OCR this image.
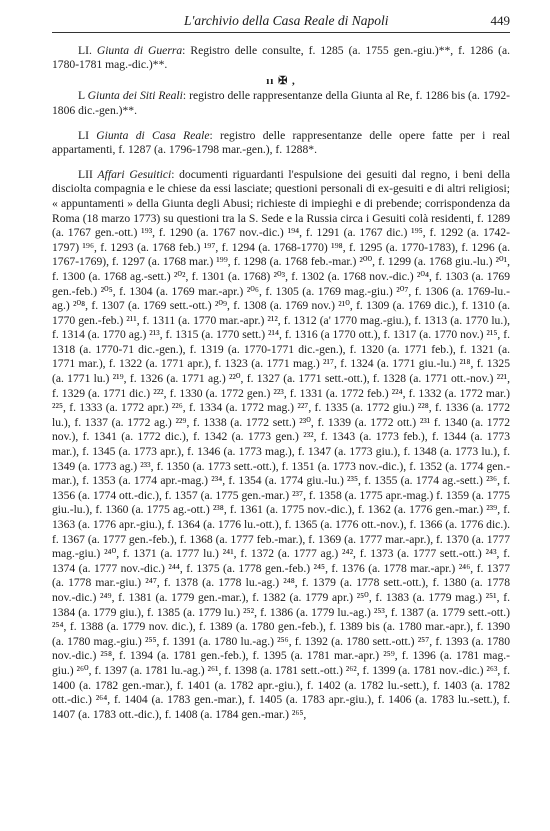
L'archivio della Casa Reale di Napoli	449

LI. Giunta di Guerra: Registro delle consulte, f. 1285 (a. 1755 gen.-giu.)**, f. 1286 (a. 1780-1781 mag.-dic.)**.

ıı ✠ ,

L Giunta dei Siti Reali: registro delle rappresentanze della Giunta al Re, f. 1286 bis (a. 1792-1806 dic.-gen.)**.

LI Giunta di Casa Reale: registro delle rappresentanze delle opere fatte per i real appartamenti, f. 1287 (a. 1796-1798 mar.-gen.), f. 1288*.

LII Affari Gesuitici: documenti riguardanti l'espulsione dei gesuiti dal regno, i beni della disciolta compagnia e le chiese da essi lasciate; questioni personali di ex-gesuiti e di altri religiosi; « appuntamenti » della Giunta degli Abusi; richieste di impieghi e di prebende; corrispondenza da Roma (18 marzo 1773) su questioni tra la S. Sede e la Russia circa i Gesuiti colà residenti, f. 1289 (a. 1767 gen.-ott.) ¹⁹³, f. 1290 (a. 1767 nov.-dic.) ¹⁹⁴, f. 1291 (a. 1767 dic.) ¹⁹⁵, f. 1292 (a. 1742-1797) ¹⁹⁶, f. 1293 (a. 1768 feb.) ¹⁹⁷, f. 1294 (a. 1768-1770) ¹⁹⁸, f. 1295 (a. 1770-1783), f. 1296 (a. 1767-1769), f. 1297 (a. 1768 mar.) ¹⁹⁹, f. 1298 (a. 1768 feb.-mar.) ²⁰⁰, f. 1299 (a. 1768 giu.-lu.) ²⁰¹, f. 1300 (a. 1768 ag.-sett.) ²⁰², f. 1301 (a. 1768) ²⁰³, f. 1302 (a. 1768 nov.-dic.) ²⁰⁴, f. 1303 (a. 1769 gen.-feb.) ²⁰⁵, f. 1304 (a. 1769 mar.-apr.) ²⁰⁶, f. 1305 (a. 1769 mag.-giu.) ²⁰⁷, f. 1306 (a. 1769-lu.-ag.) ²⁰⁸, f. 1307 (a. 1769 sett.-ott.) ²⁰⁹, f. 1308 (a. 1769 nov.) ²¹⁰, f. 1309 (a. 1769 dic.), f. 1310 (a. 1770 gen.-feb.) ²¹¹, f. 1311 (a. 1770 mar.-apr.) ²¹², f. 1312 (a' 1770 mag.-giu.), f. 1313 (a. 1770 lu.), f. 1314 (a. 1770 ag.) ²¹³, f. 1315 (a. 1770 sett.) ²¹⁴, f. 1316 (a 1770 ott.), f. 1317 (a. 1770 nov.) ²¹⁵, f. 1318 (a. 1770-71 dic.-gen.), f. 1319 (a. 1770-1771 dic.-gen.), f. 1320 (a. 1771 feb.), f. 1321 (a. 1771 mar.), f. 1322 (a. 1771 apr.), f. 1323 (a. 1771 mag.) ²¹⁷, f. 1324 (a. 1771 giu.-lu.) ²¹⁸, f. 1325 (a. 1771 lu.) ²¹⁹, f. 1326 (a. 1771 ag.) ²²⁰, f. 1327 (a. 1771 sett.-ott.), f. 1328 (a. 1771 ott.-nov.) ²²¹, f. 1329 (a. 1771 dic.) ²²², f. 1330 (a. 1772 gen.) ²²³, f. 1331 (a. 1772 feb.) ²²⁴, f. 1332 (a. 1772 mar.) ²²⁵, f. 1333 (a. 1772 apr.) ²²⁶, f. 1334 (a. 1772 mag.) ²²⁷, f. 1335 (a. 1772 giu.) ²²⁸, f. 1336 (a. 1772 lu.), f. 1337 (a. 1772 ag.) ²²⁹, f. 1338 (a. 1772 sett.) ²³⁰, f. 1339 (a. 1772 ott.) ²³¹ f. 1340 (a. 1772 nov.), f. 1341 (a. 1772 dic.), f. 1342 (a. 1773 gen.) ²³², f. 1343 (a. 1773 feb.), f. 1344 (a. 1773 mar.), f. 1345 (a. 1773 apr.), f. 1346 (a. 1773 mag.), f. 1347 (a. 1773 giu.), f. 1348 (a. 1773 lu.), f. 1349 (a. 1773 ag.) ²³³, f. 1350 (a. 1773 sett.-ott.), f. 1351 (a. 1773 nov.-dic.), f. 1352 (a. 1774 gen.-mar.), f. 1353 (a. 1774 apr.-mag.) ²³⁴, f. 1354 (a. 1774 giu.-lu.) ²³⁵, f. 1355 (a. 1774 ag.-sett.) ²³⁶, f. 1356 (a. 1774 ott.-dic.), f. 1357 (a. 1775 gen.-mar.) ²³⁷, f. 1358 (a. 1775 apr.-mag.) f. 1359 (a. 1775 giu.-lu.), f. 1360 (a. 1775 ag.-ott.) ²³⁸, f. 1361 (a. 1775 nov.-dic.), f. 1362 (a. 1776 gen.-mar.) ²³⁹, f. 1363 (a. 1776 apr.-giu.), f. 1364 (a. 1776 lu.-ott.), f. 1365 (a. 1776 ott.-nov.), f. 1366 (a. 1776 dic.). f. 1367 (a. 1777 gen.-feb.), f. 1368 (a. 1777 feb.-mar.), f. 1369 (a. 1777 mar.-apr.), f. 1370 (a. 1777 mag.-giu.) ²⁴⁰, f. 1371 (a. 1777 lu.) ²⁴¹, f. 1372 (a. 1777 ag.) ²⁴², f. 1373 (a. 1777 sett.-ott.) ²⁴³, f. 1374 (a. 1777 nov.-dic.) ²⁴⁴, f. 1375 (a. 1778 gen.-feb.) ²⁴⁵, f. 1376 (a. 1778 mar.-apr.) ²⁴⁶, f. 1377 (a. 1778 mar.-giu.) ²⁴⁷, f. 1378 (a. 1778 lu.-ag.) ²⁴⁸, f. 1379 (a. 1778 sett.-ott.), f. 1380 (a. 1778 nov.-dic.) ²⁴⁹, f. 1381 (a. 1779 gen.-mar.), f. 1382 (a. 1779 apr.) ²⁵⁰, f. 1383 (a. 1779 mag.) ²⁵¹, f. 1384 (a. 1779 giu.), f. 1385 (a. 1779 lu.) ²⁵², f. 1386 (a. 1779 lu.-ag.) ²⁵³, f. 1387 (a. 1779 sett.-ott.) ²⁵⁴, f. 1388 (a. 1779 nov. dic.), f. 1389 (a. 1780 gen.-feb.), f. 1389 bis (a. 1780 mar.-apr.), f. 1390 (a. 1780 mag.-giu.) ²⁵⁵, f. 1391 (a. 1780 lu.-ag.) ²⁵⁶, f. 1392 (a. 1780 sett.-ott.) ²⁵⁷, f. 1393 (a. 1780 nov.-dic.) ²⁵⁸, f. 1394 (a. 1781 gen.-feb.), f. 1395 (a. 1781 mar.-apr.) ²⁵⁹, f. 1396 (a. 1781 mag.-giu.) ²⁶⁰, f. 1397 (a. 1781 lu.-ag.) ²⁶¹, f. 1398 (a. 1781 sett.-ott.) ²⁶², f. 1399 (a. 1781 nov.-dic.) ²⁶³, f. 1400 (a. 1782 gen.-mar.), f. 1401 (a. 1782 apr.-giu.), f. 1402 (a. 1782 lu.-sett.), f. 1403 (a. 1782 ott.-dic.) ²⁶⁴, f. 1404 (a. 1783 gen.-mar.), f. 1405 (a. 1783 apr.-giu.), f. 1406 (a. 1783 lu.-sett.), f. 1407 (a. 1783 ott.-dic.), f. 1408 (a. 1784 gen.-mar.) ²⁶⁵,
